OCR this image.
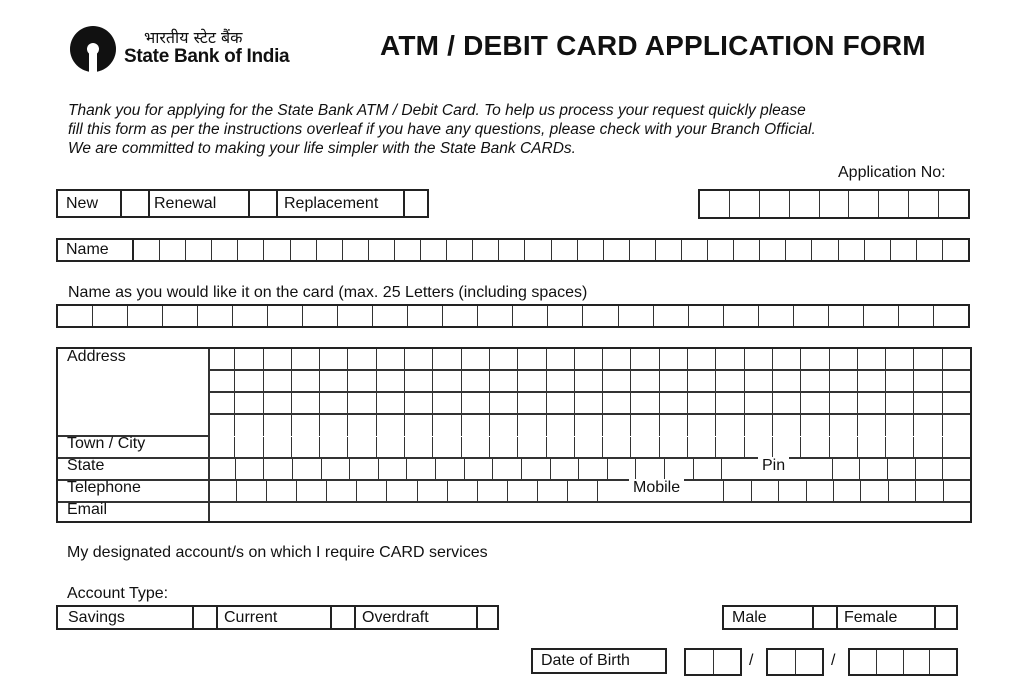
भारतीय स्टेट बैंक
State Bank of India	ATM / DEBIT CARD APPLICATION FORM
Thank you for applying for the State Bank ATM / Debit Card. To help us process your request quickly please
fill this form as per the instructions overleaf if you have any questions, please check with your Branch Official.
We are committed to making your life simpler with the State Bank CARDs.
Application No:
New	Renewal	Replacement
Name
Name as you would like it on the card (max. 25 Letters (including spaces)
Address
Town / City
State	Pin
Telephone	Mobile
Email
My designated account/s on which I require CARD services
Account Type:
Savings	Current	Overdraft	Male	Female
Date of Birth	/	/
